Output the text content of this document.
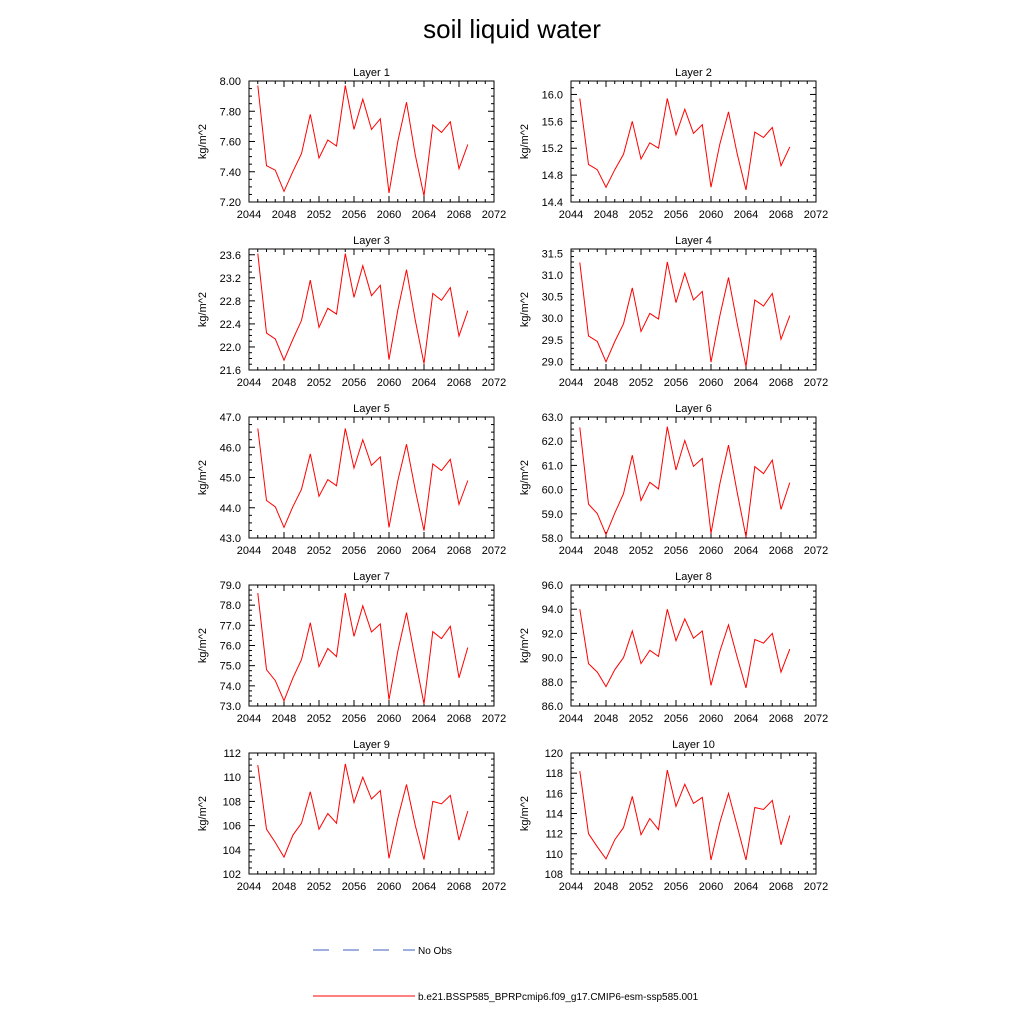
soil liquid water
Layer 1
kg/m^2
2044 2048 2052 2056 2060 2064 2068 2072
7.20
7.40
7.60
7.80
8.00
Layer 2
kg/m^2
2044 2048 2052 2056 2060 2064 2068 2072
14.4
14.8
15.2
15.6
16.0
Layer 3
kg/m^2
2044 2048 2052 2056 2060 2064 2068 2072
21.6
22.0
22.4
22.8
23.2
23.6
Layer 4
kg/m^2
2044 2048 2052 2056 2060 2064 2068 2072
29.0
29.5
30.0
30.5
31.0
31.5
Layer 5
kg/m^2
2044 2048 2052 2056 2060 2064 2068 2072
43.0
44.0
45.0
46.0
47.0
Layer 6
kg/m^2
2044 2048 2052 2056 2060 2064 2068 2072
58.0
59.0
60.0
61.0
62.0
63.0
Layer 7
kg/m^2
2044 2048 2052 2056 2060 2064 2068 2072
73.0
74.0
75.0
76.0
77.0
78.0
79.0
Layer 8
kg/m^2
2044 2048 2052 2056 2060 2064 2068 2072
86.0
88.0
90.0
92.0
94.0
96.0
Layer 9
kg/m^2
2044 2048 2052 2056 2060 2064 2068 2072
102
104
106
108
110
112
Layer 10
kg/m^2
2044 2048 2052 2056 2060 2064 2068 2072
108
110
112
114
116
118
120
No Obs
b.e21.BSSP585_BPRPcmip6.f09_g17.CMIP6-esm-ssp585.001
